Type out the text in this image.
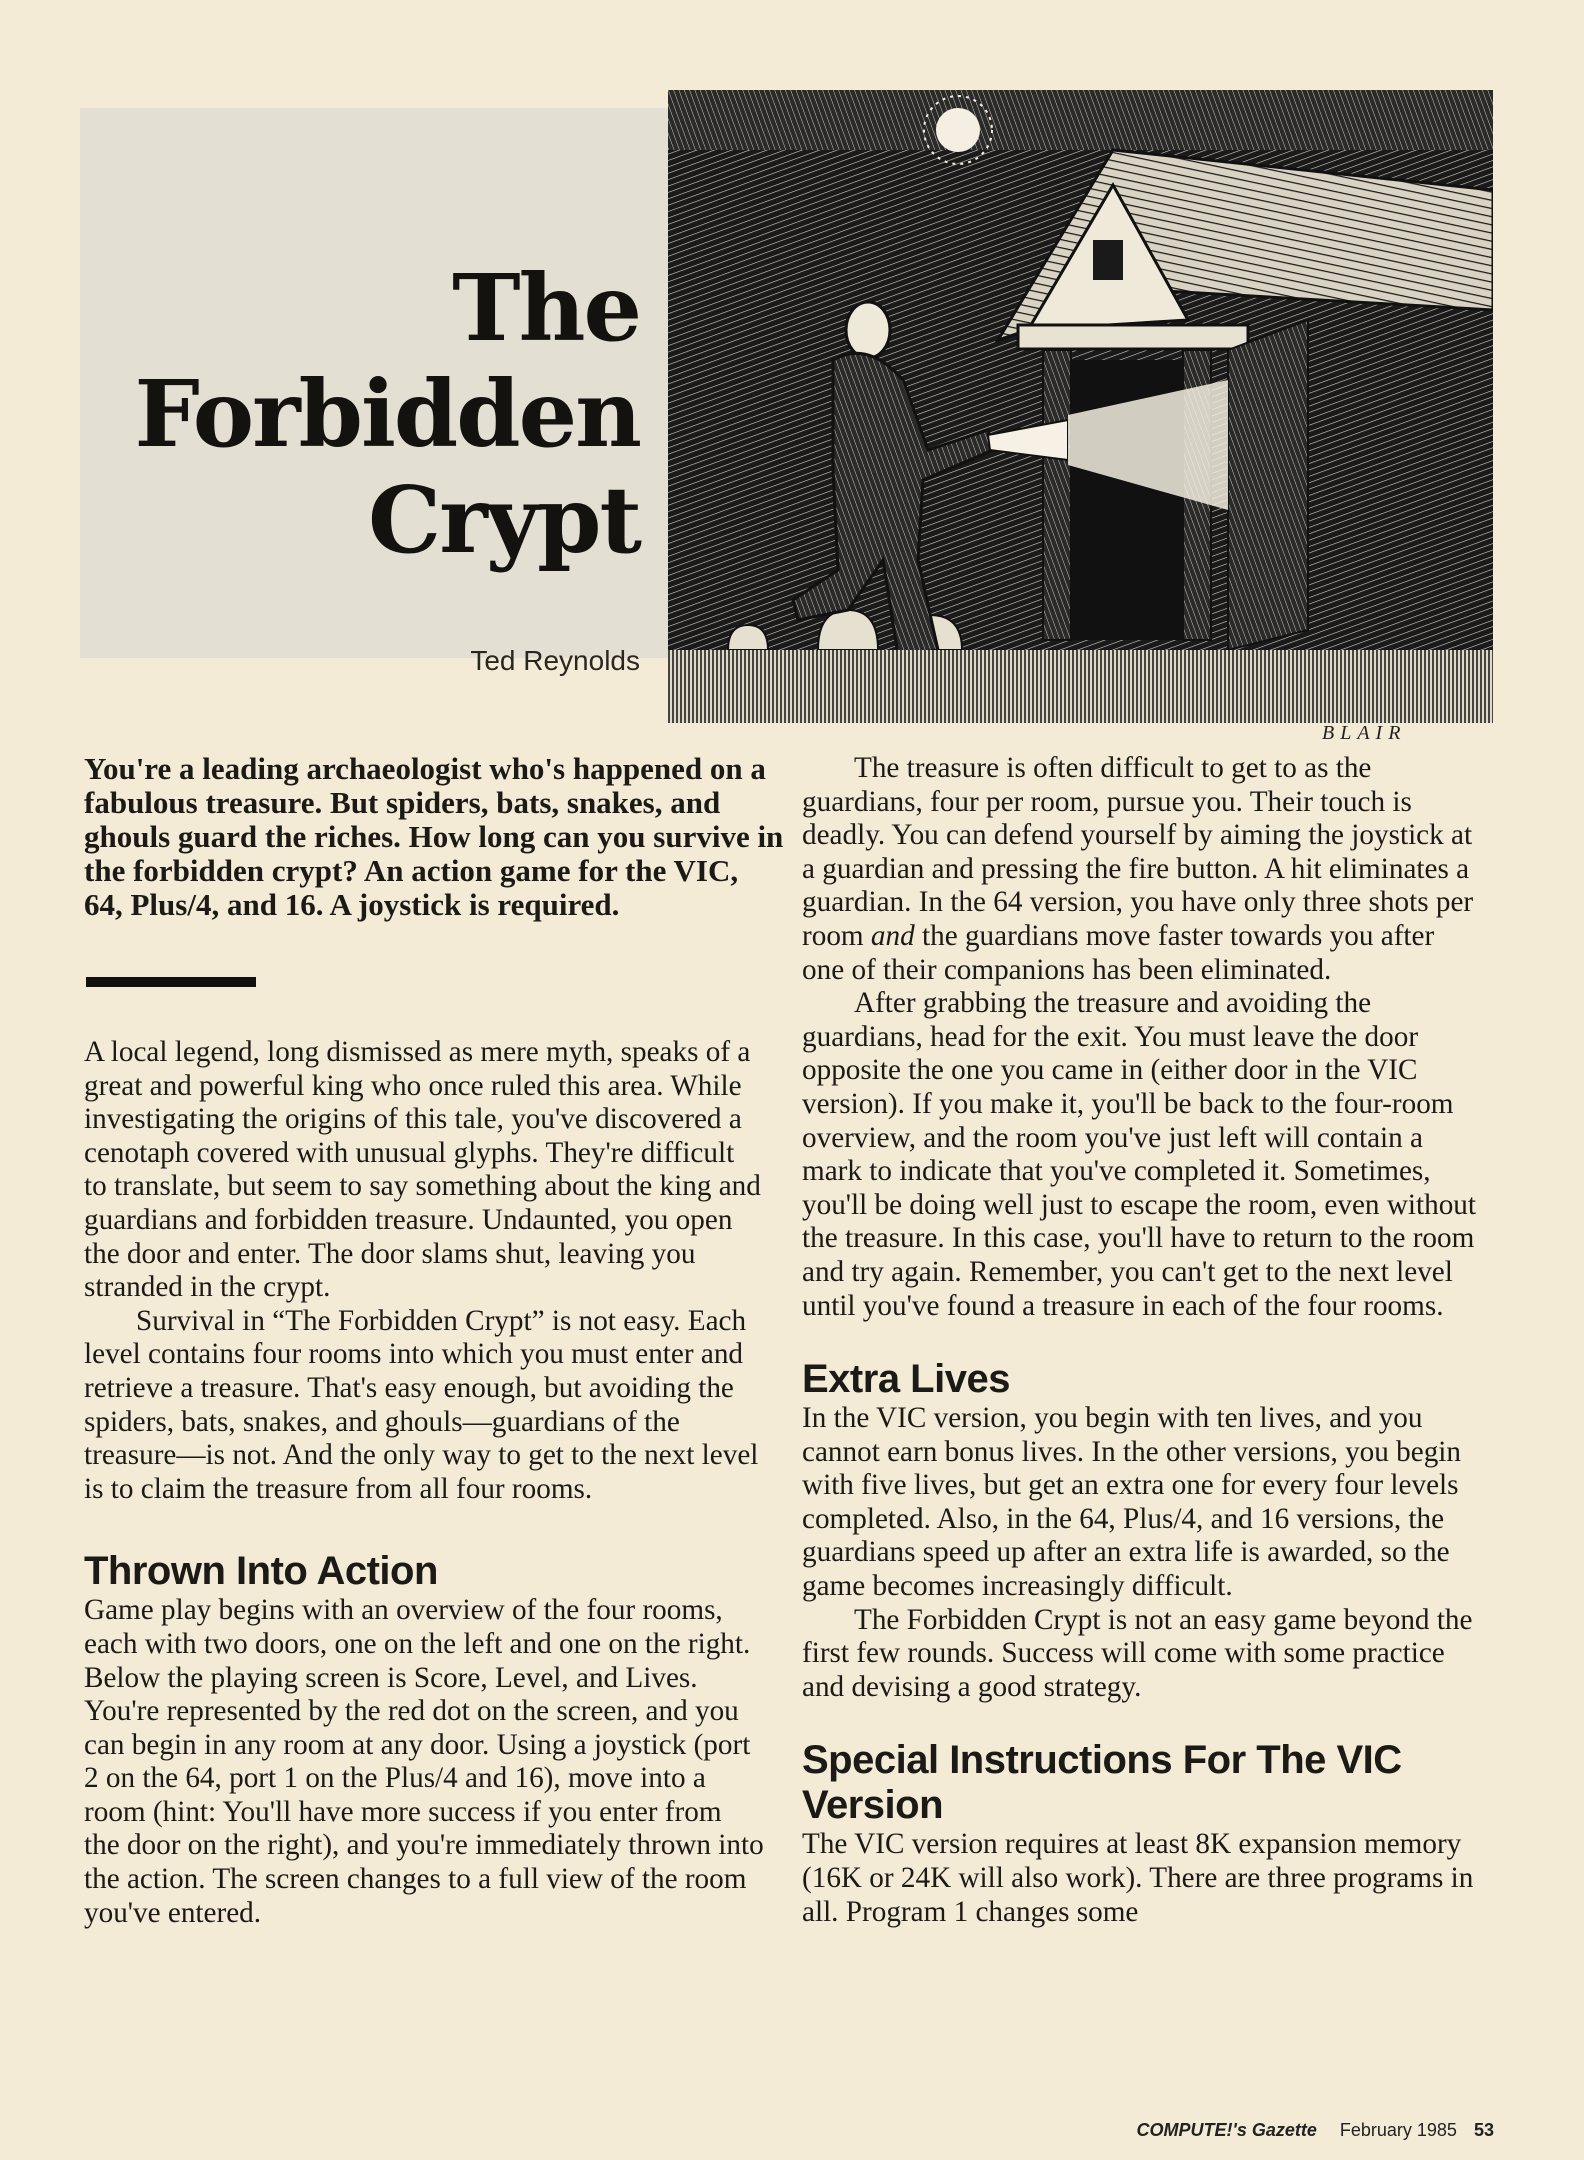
The
Forbidden
Crypt
Ted Reynolds
BLAIR

You're a leading archaeologist who's happened on a fabulous treasure. But spiders, bats, snakes, and ghouls guard the riches. How long can you survive in the forbidden crypt? An action game for the VIC, 64, Plus/4, and 16. A joystick is required.

A local legend, long dismissed as mere myth, speaks of a great and powerful king who once ruled this area. While investigating the origins of this tale, you've discovered a cenotaph covered with unusual glyphs. They're difficult to translate, but seem to say something about the king and guardians and forbidden treasure. Undaunted, you open the door and enter. The door slams shut, leaving you stranded in the crypt.

Survival in “The Forbidden Crypt” is not easy. Each level contains four rooms into which you must enter and retrieve a treasure. That's easy enough, but avoiding the spiders, bats, snakes, and ghouls—guardians of the treasure—is not. And the only way to get to the next level is to claim the treasure from all four rooms.

Thrown Into Action

Game play begins with an overview of the four rooms, each with two doors, one on the left and one on the right. Below the playing screen is Score, Level, and Lives. You're represented by the red dot on the screen, and you can begin in any room at any door. Using a joystick (port 2 on the 64, port 1 on the Plus/4 and 16), move into a room (hint: You'll have more success if you enter from the door on the right), and you're immediately thrown into the action. The screen changes to a full view of the room you've entered.

The treasure is often difficult to get to as the guardians, four per room, pursue you. Their touch is deadly. You can defend yourself by aiming the joystick at a guardian and pressing the fire button. A hit eliminates a guardian. In the 64 version, you have only three shots per room and the guardians move faster towards you after one of their companions has been eliminated.

After grabbing the treasure and avoiding the guardians, head for the exit. You must leave the door opposite the one you came in (either door in the VIC version). If you make it, you'll be back to the four-room overview, and the room you've just left will contain a mark to indicate that you've completed it. Sometimes, you'll be doing well just to escape the room, even without the treasure. In this case, you'll have to return to the room and try again. Remember, you can't get to the next level until you've found a treasure in each of the four rooms.

Extra Lives

In the VIC version, you begin with ten lives, and you cannot earn bonus lives. In the other versions, you begin with five lives, but get an extra one for every four levels completed. Also, in the 64, Plus/4, and 16 versions, the guardians speed up after an extra life is awarded, so the game becomes increasingly difficult.

The Forbidden Crypt is not an easy game beyond the first few rounds. Success will come with some practice and devising a good strategy.

Special Instructions For The VIC Version

The VIC version requires at least 8K expansion memory (16K or 24K will also work). There are three programs in all. Program 1 changes some

COMPUTE!'s Gazette February 1985 53
